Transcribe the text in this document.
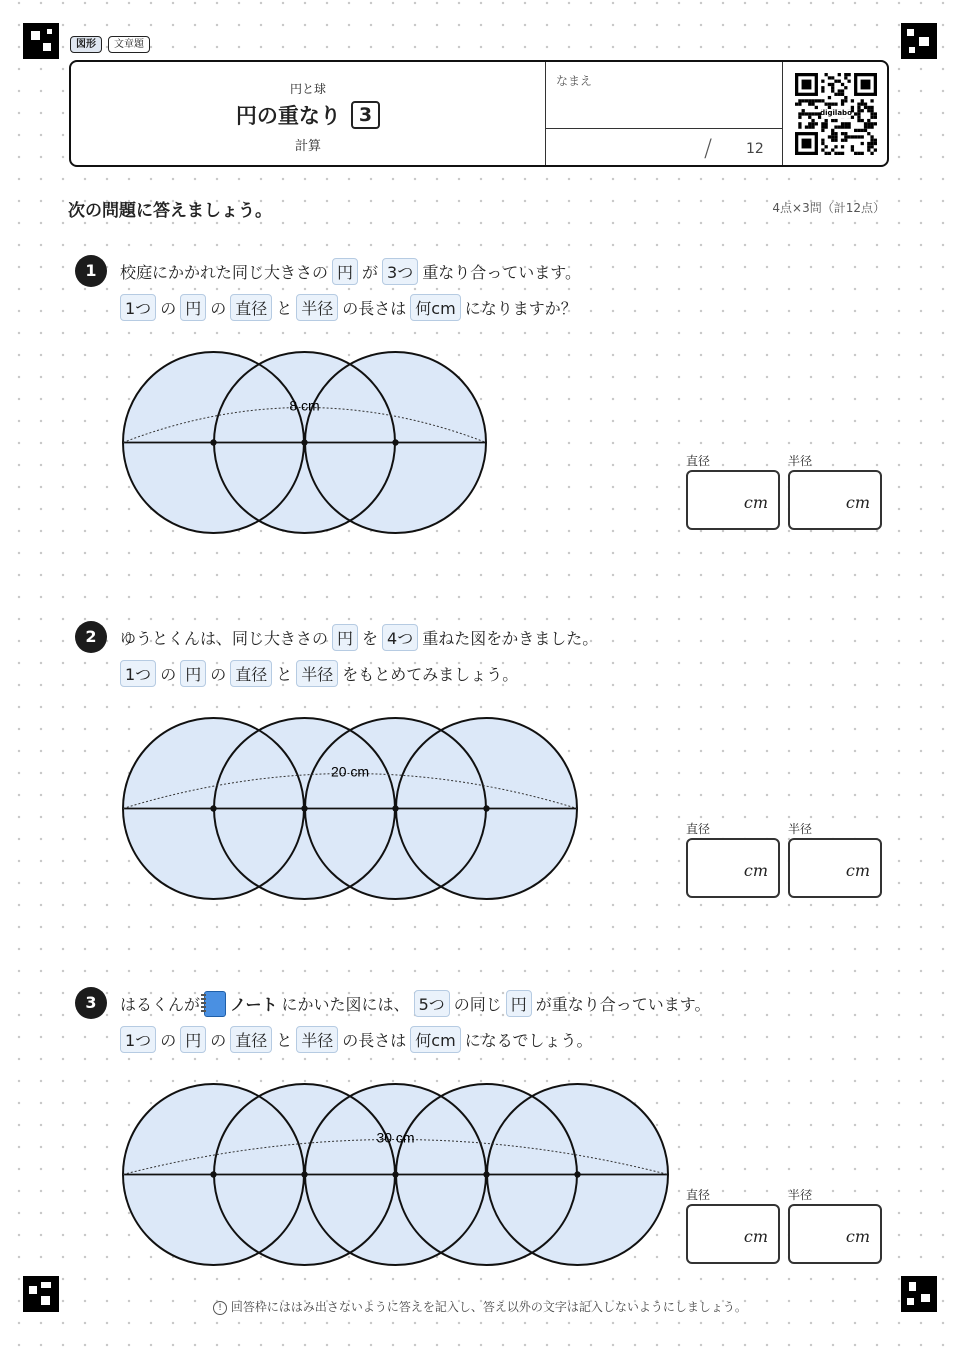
図形	文章題
円と球
円の重なり 3
計算
なまえ
/ 12
digilabo
次の問題に答えましょう。	4点×3問（計12点）
1	校庭にかかれた同じ大きさの 円 が 3つ 重なり合っています。
1つ の 円 の 直径 と 半径 の長さは 何cm になりますか？
8 cm
直径
cm
半径
cm
2	ゆうとくんは、同じ大きさの 円 を 4つ 重ねた図をかきました。
1つ の 円 の 直径 と 半径 をもとめてみましょう。
20 cm
直径
cm
半径
cm
3	はるくんが ノート にかいた図には、 5つ の同じ 円 が重なり合っています。
1つ の 円 の 直径 と 半径 の長さは 何cm になるでしょう。
30 cm
直径
cm
半径
cm
! 回答枠にははみ出さないように答えを記入し、答え以外の文字は記入しないようにしましょう。
